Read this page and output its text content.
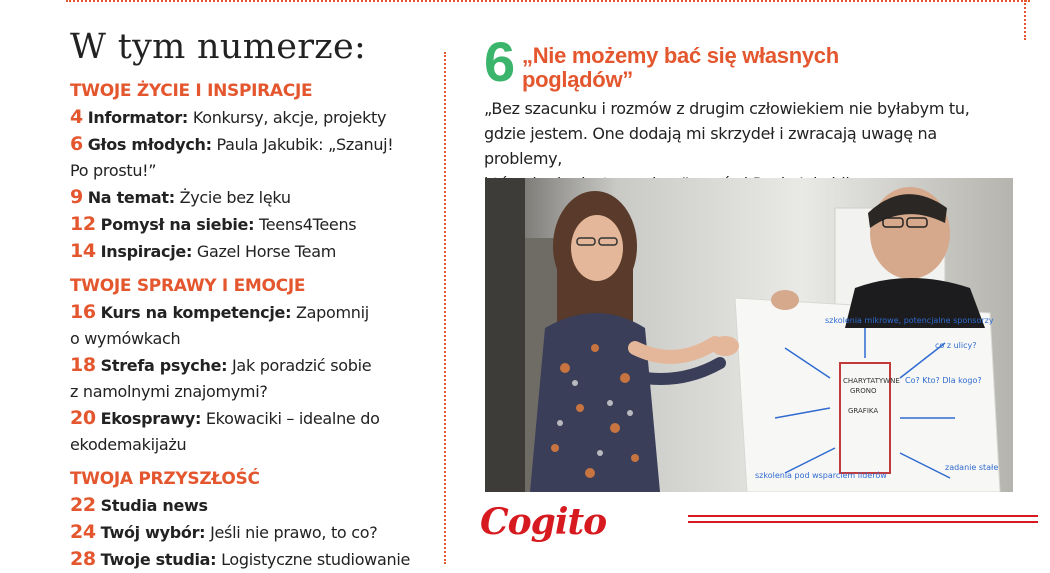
W tym numerze:
TWOJE ŻYCIE I INSPIRACJE
4 Informator: Konkursy, akcje, projekty
6 Głos młodych: Paula Jakubik: „Szanuj!
Po prostu!”
9 Na temat: Życie bez lęku
12 Pomysł na siebie: Teens4Teens
14 Inspiracje: Gazel Horse Team
TWOJE SPRAWY I EMOCJE
16 Kurs na kompetencje: Zapomnij
o wymówkach
18 Strefa psyche: Jak poradzić sobie
z namolnymi znajomymi?
20 Ekosprawy: Ekowaciki – idealne do
ekodemakijażu
TWOJA PRZYSZŁOŚĆ
22 Studia news
24 Twój wybór: Jeśli nie prawo, to co?
28 Twoje studia: Logistyczne studiowanie
6 „Nie możemy bać się własnych
poglądów”
„Bez szacunku i rozmów z drugim człowiekiem nie byłabym tu,
gdzie jestem. One dodają mi skrzydeł i zwracają uwagę na problemy,
szkolenia mikrowe, potencjalne sponsorzy
co z ulicy?
Co? Kto? Dla kogo?
szkolenia pod wsparciem liderów
zadanie stałe
CHARYTATYWNE
GRONO
GRAFIKA
Cogito
